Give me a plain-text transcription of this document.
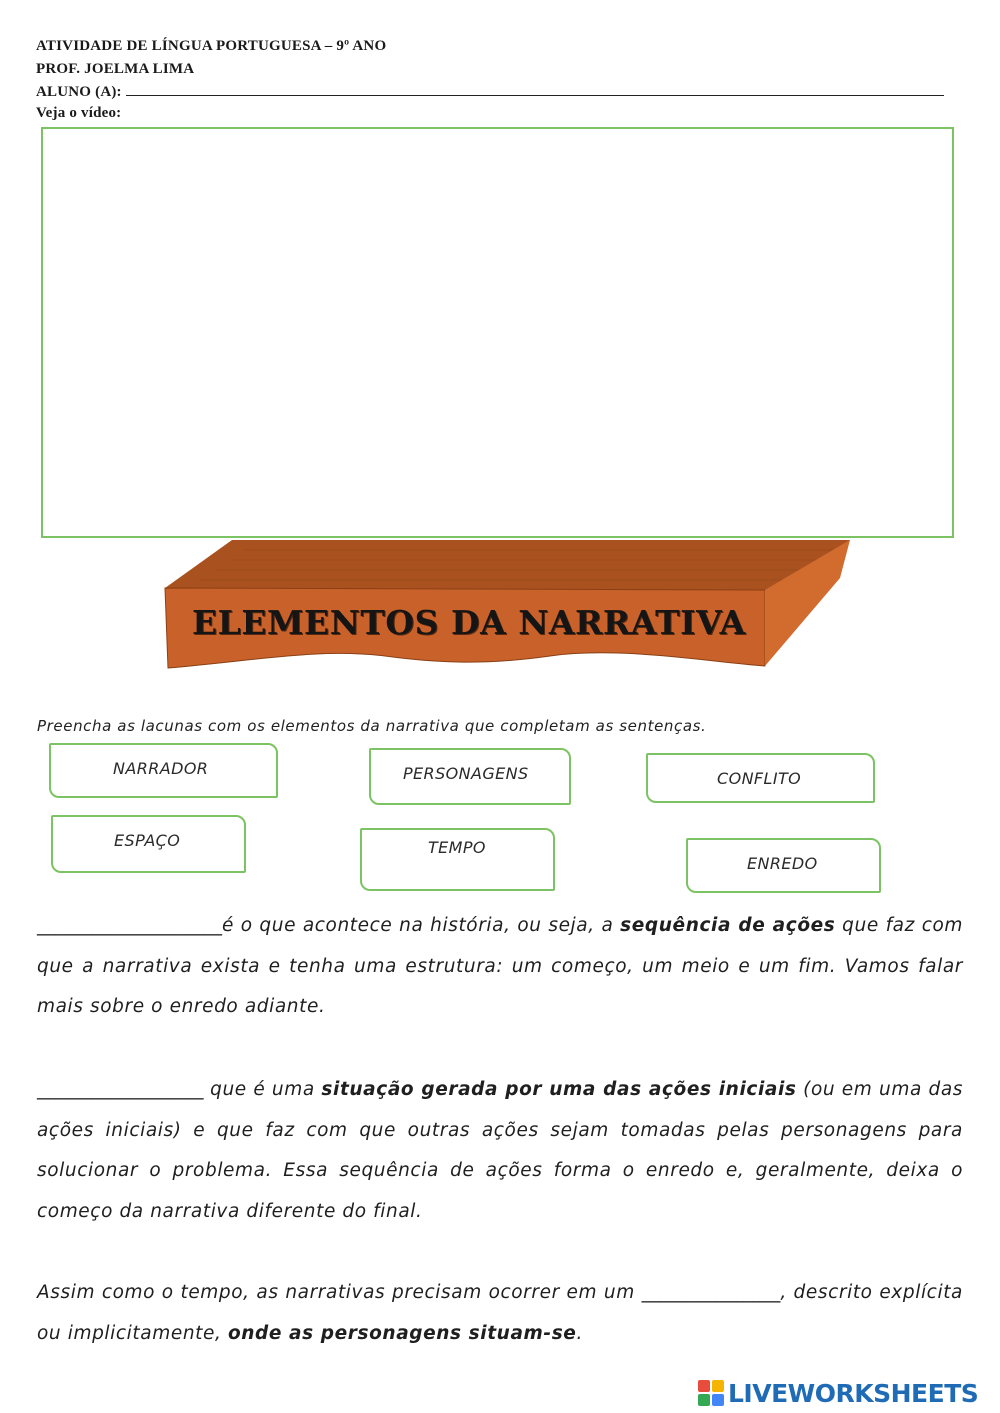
ATIVIDADE DE LÍNGUA PORTUGUESA – 9º ANO
PROF. JOELMA LIMA
ALUNO (A):
Veja o vídeo:
ELEMENTOS DA NARRATIVA
Preencha as lacunas com os elementos da narrativa que completam as sentenças.
NARRADOR	PERSONAGENS	CONFLITO
ESPAÇO	TEMPO
ENREDO
____________________é o que acontece na história, ou seja, a sequência de ações que faz com que a narrativa exista e tenha uma estrutura: um começo, um meio e um fim. Vamos falar mais sobre o enredo adiante.
__________________ que é uma situação gerada por uma das ações iniciais (ou em uma das ações iniciais) e que faz com que outras ações sejam tomadas pelas personagens para solucionar o problema. Essa sequência de ações forma o enredo e, geralmente, deixa o começo da narrativa diferente do final.
Assim como o tempo, as narrativas precisam ocorrer em um _______________, descrito explícita ou implicitamente, onde as personagens situam-se.
LIVEWORKSHEETS
